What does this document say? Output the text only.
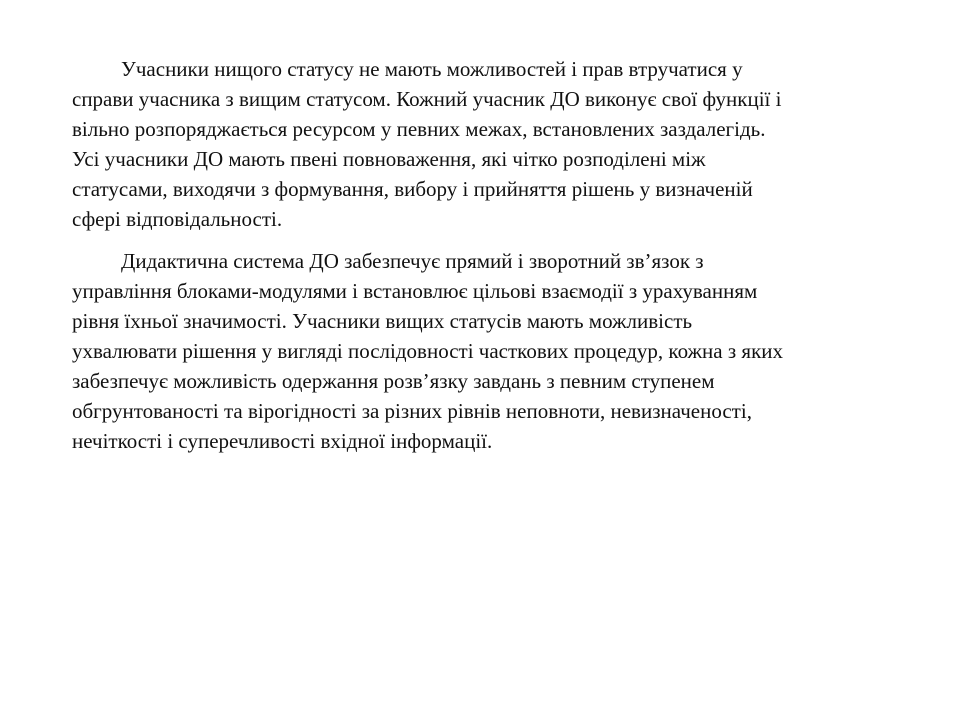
Учасники нищого статусу не мають можливостей і прав втручатися у
справи учасника з вищим статусом. Кожний учасник ДО виконує свої функції і
вільно розпоряджається ресурсом у певних межах, встановлених заздалегідь.
Усі учасники ДО мають пвені повноваження, які чітко розподілені між
статусами, виходячи з формування, вибору і прийняття рішень у визначеній
сфері відповідальності.

Дидактична система ДО забезпечує прямий і зворотний зв’язок з
управління блоками-модулями і встановлює цільові взаємодії з урахуванням
рівня їхньої значимості. Учасники вищих статусів мають можливість
ухвалювати рішення у вигляді послідовності часткових процедур, кожна з яких
забезпечує можливість одержання розв’язку завдань з певним ступенем
обгрунтованості та вірогідності за різних рівнів неповноти, невизначеності,
нечіткості і суперечливості вхідної інформації.
